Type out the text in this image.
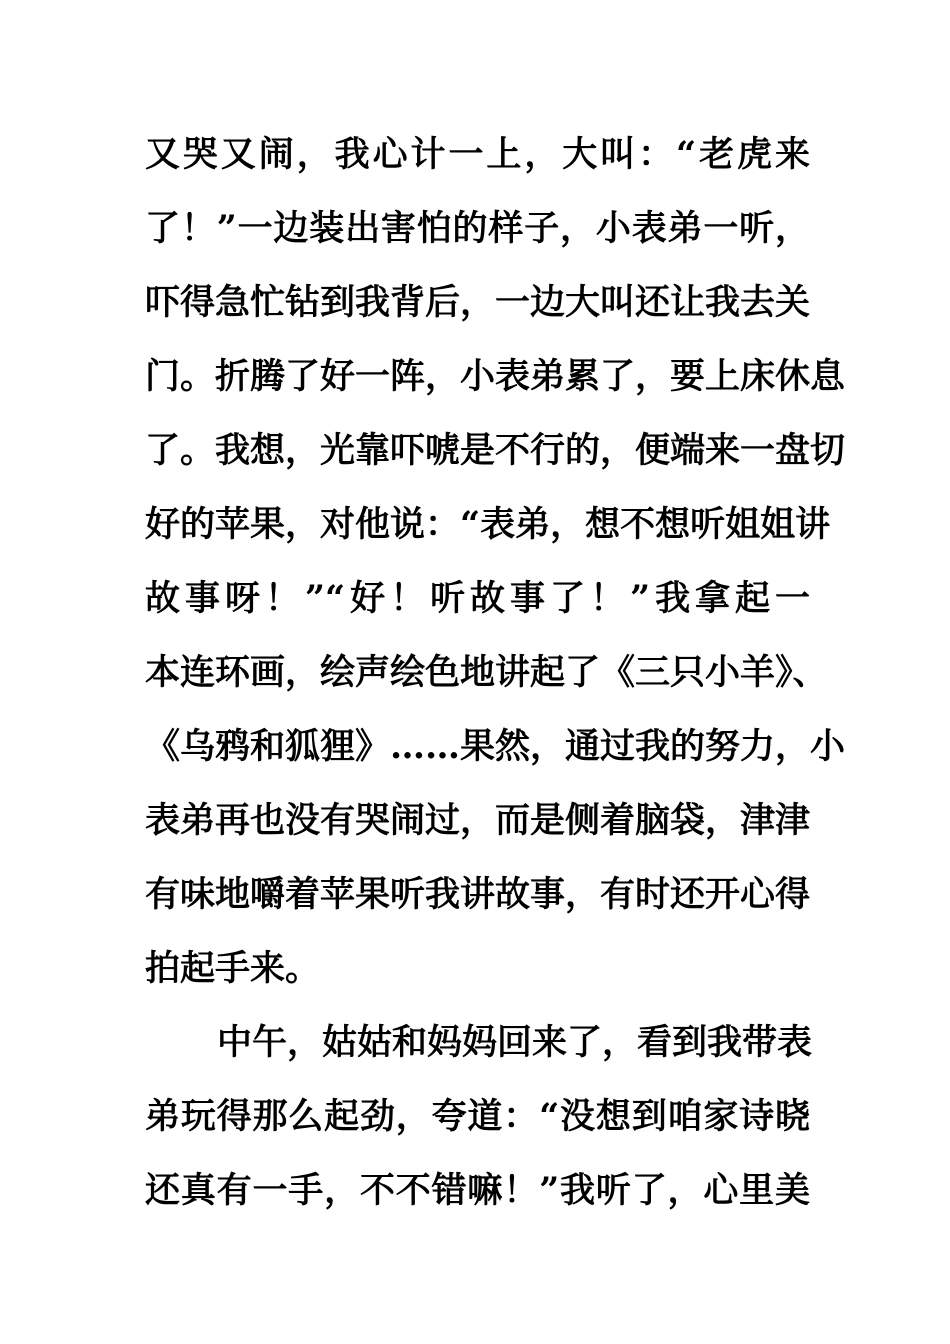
又哭又闹，我心计一上，大叫：“老虎来
了！”一边装出害怕的样子，小表弟一听，
吓得急忙钻到我背后，一边大叫还让我去关
门。折腾了好一阵，小表弟累了，要上床休息
了。我想，光靠吓唬是不行的，便端来一盘切
好的苹果，对他说：“表弟，想不想听姐姐讲
故事呀！”“好！听故事了！”我拿起一
本连环画，绘声绘色地讲起了《三只小羊》、
《乌鸦和狐狸》……果然，通过我的努力，小
表弟再也没有哭闹过，而是侧着脑袋，津津
有味地嚼着苹果听我讲故事，有时还开心得
拍起手来。
中午，姑姑和妈妈回来了，看到我带表
弟玩得那么起劲，夸道：“没想到咱家诗晓
还真有一手，不不错嘛！”我听了，心里美
